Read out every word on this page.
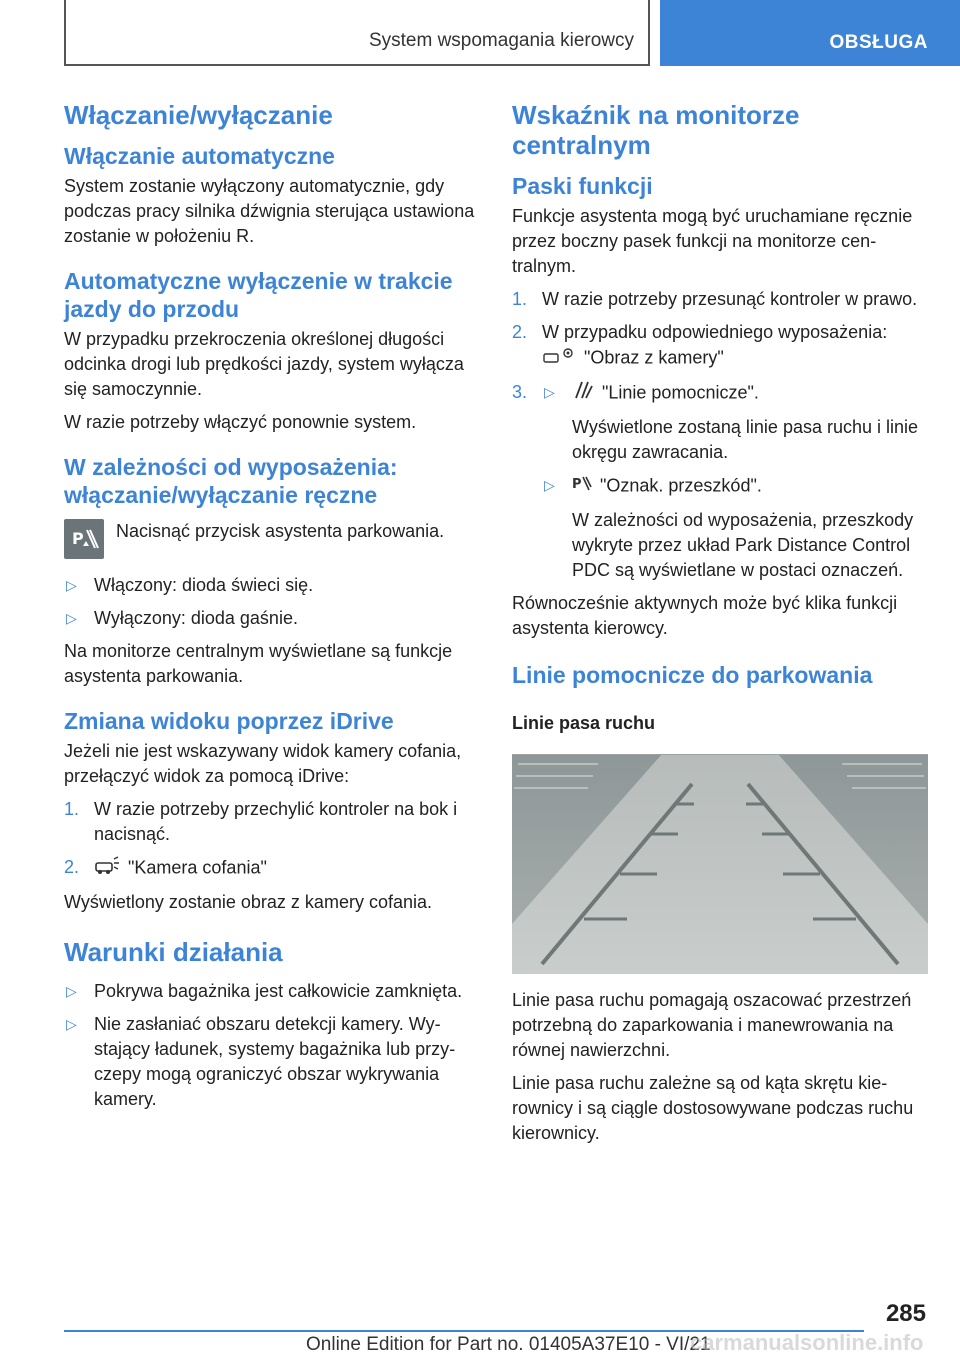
System wspomagania kierowcy	OBSŁUGA
Włączanie/wyłączanie
Włączanie automatyczne

System zostanie wyłączony automatycznie, gdy podczas pracy silnika dźwignia sterująca ustawiona zostanie w położeniu R.

Automatyczne wyłączenie w trakcie jazdy do przodu

W przypadku przekroczenia określonej długości odcinka drogi lub prędkości jazdy, system wyłącza się samoczynnie.

W razie potrzeby włączyć ponownie system.

W zależności od wyposażenia: włączanie/wyłączanie ręczne
P Nacisnąć przycisk asystenta parkowania.

▷ Włączony: dioda świeci się.
▷ Wyłączony: dioda gaśnie.

Na monitorze centralnym wyświetlane są funkcje asystenta parkowania.

Zmiana widoku poprzez iDrive

Jeżeli nie jest wskazywany widok kamery cofania, przełączyć widok za pomocą iDrive:

1. W razie potrzeby przechylić kontroler na bok i nacisnąć.
2.	"Kamera cofania"

Wyświetlony zostanie obraz z kamery cofania.

Warunki działania
▷ Pokrywa bagażnika jest całkowicie zamknięta.
▷ Nie zasłaniać obszaru detekcji kamery. Wystający ładunek, systemy bagażnika lub przyczepy mogą ograniczyć obszar wykrywania kamery.
Wskaźnik na monitorze centralnym
Paski funkcji

Funkcje asystenta mogą być uruchamiane ręcznie przez boczny pasek funkcji na monitorze centralnym.

1. W razie potrzeby przesunąć kontroler w prawo.
2. W przypadku odpowiedniego wyposażenia:
"Obraz z kamery"
3. ▷	"Linie pomocnicze".
Wyświetlone zostaną linie pasa ruchu i linie okręgu zawracania.
▷ P "Oznak. przeszkód".
W zależności od wyposażenia, przeszkody wykryte przez układ Park Distance Control PDC są wyświetlane w postaci oznaczeń.

Równocześnie aktywnych może być klika funkcji asystenta kierowcy.

Linie pomocnicze do parkowania
Linie pasa ruchu

Linie pasa ruchu pomagają oszacować przestrzeń potrzebną do zaparkowania i manewrowania na równej nawierzchni.

Linie pasa ruchu zależne są od kąta skrętu kierownicy i są ciągle dostosowywane podczas ruchu kierownicy.

285
Online Edition for Part no. 01405A37E10 - VI/21
carmanualsonline.info
